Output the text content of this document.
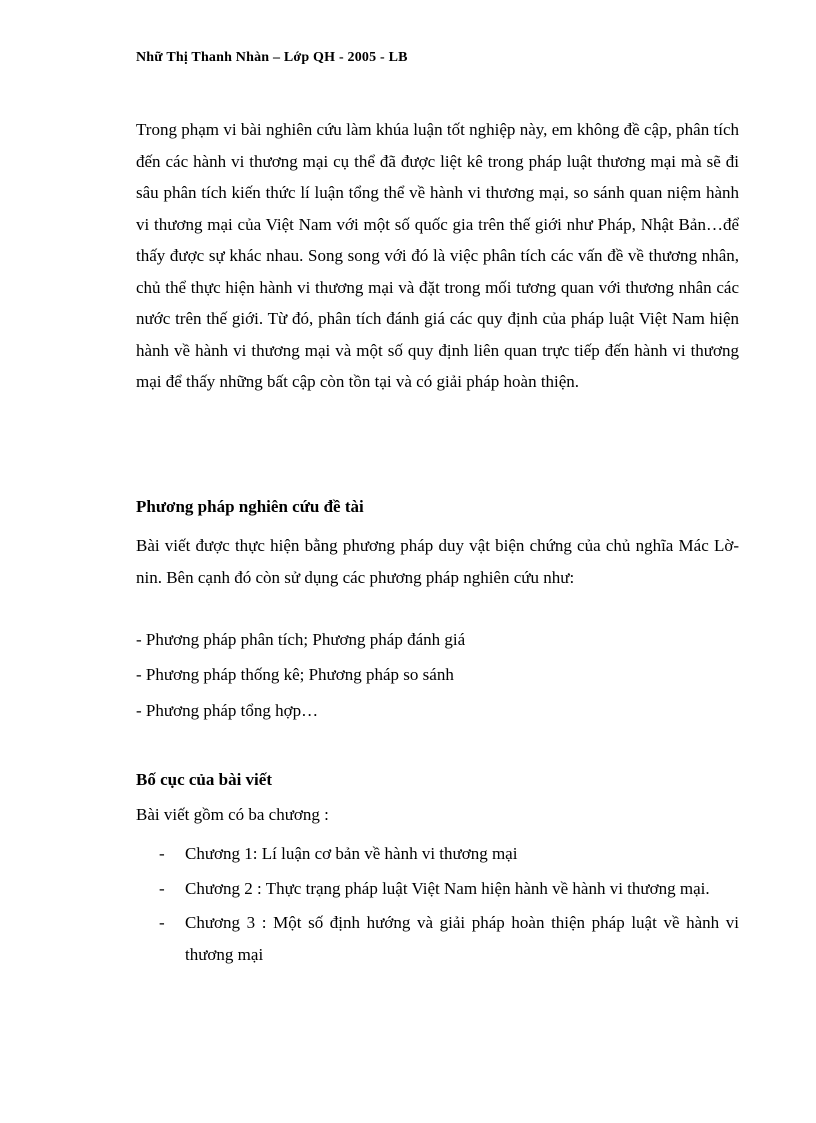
Nhữ Thị Thanh Nhàn – Lớp QH - 2005 - LB

Trong phạm vi bài nghiên cứu làm khúa luận tốt nghiệp này, em không đề cập, phân tích đến các hành vi thương mại cụ thể đã được liệt kê trong pháp luật thương mại mà sẽ đi sâu phân tích kiến thức lí luận tổng thể về hành vi thương mại, so sánh quan niệm hành vi thương mại của Việt Nam với một số quốc gia trên thế giới như Pháp, Nhật Bản…để thấy được sự khác nhau. Song song với đó là việc phân tích các vấn đề về thương nhân, chủ thể thực hiện hành vi thương mại và đặt trong mối tương quan với thương nhân các nước trên thế giới. Từ đó, phân tích đánh giá các quy định của pháp luật Việt Nam hiện hành về hành vi thương mại và một số quy định liên quan trực tiếp đến hành vi thương mại để thấy những bất cập còn tồn tại và có giải pháp hoàn thiện.

Phương pháp nghiên cứu đề tài

Bài viết được thực hiện bằng phương pháp duy vật biện chứng của chủ nghĩa Mác Lờ-nin. Bên cạnh đó còn sử dụng các phương pháp nghiên cứu như:

- Phương pháp phân tích; Phương pháp đánh giá

- Phương pháp thống kê; Phương pháp so sánh

- Phương pháp tổng hợp…

Bố cục của bài viết

Bài viết gồm có ba chương :

- Chương 1: Lí luận cơ bản về hành vi thương mại
- Chương 2 : Thực trạng pháp luật Việt Nam hiện hành về hành vi thương mại.
- Chương 3 : Một số định hướng và giải pháp hoàn thiện pháp luật về hành vi thương mại
